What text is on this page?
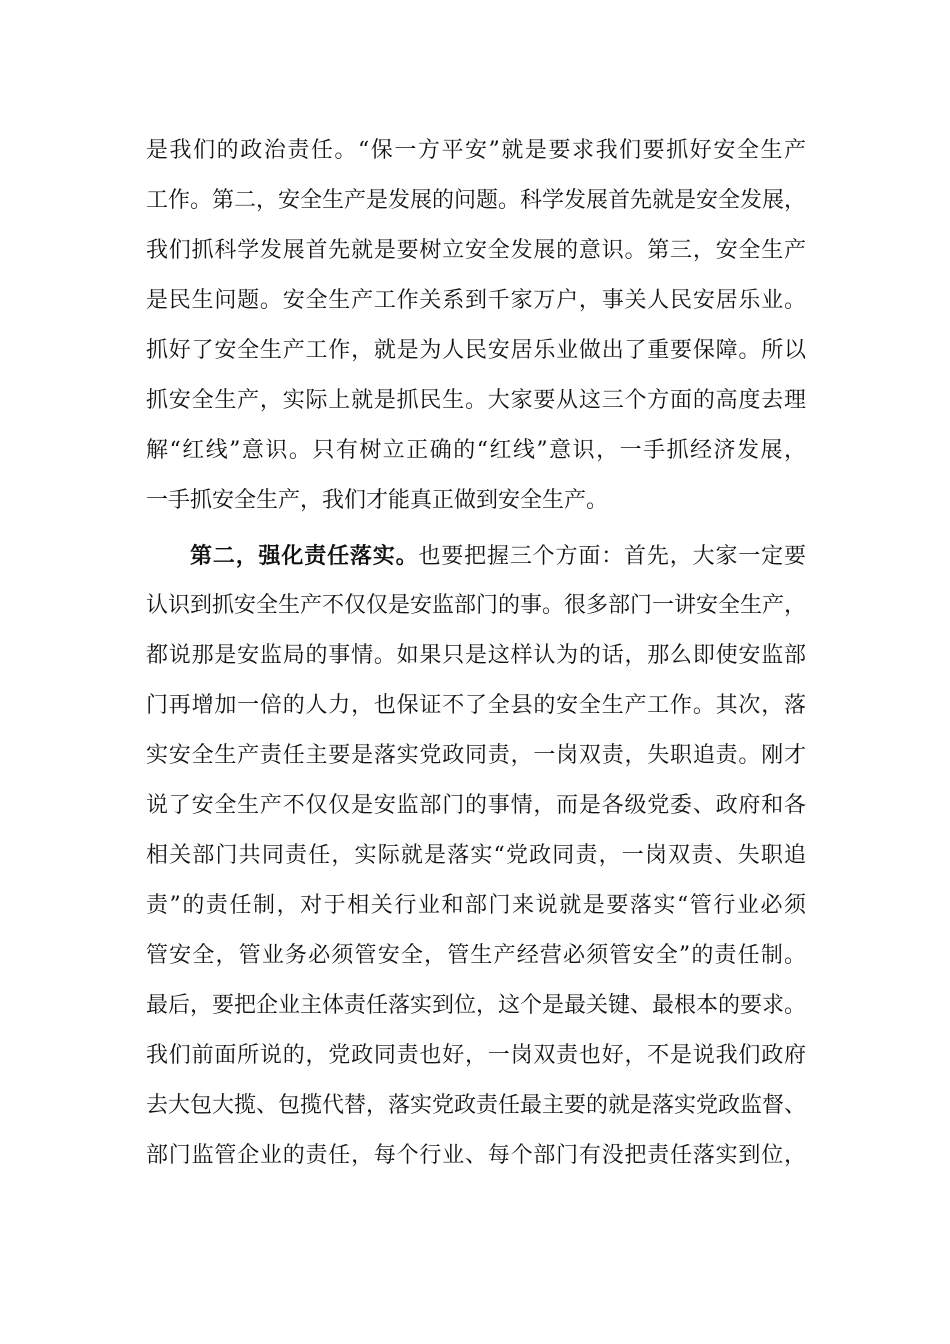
是我们的政治责任。“保一方平安”就是要求我们要抓好安全生产
工作。第二，安全生产是发展的问题。科学发展首先就是安全发展，
我们抓科学发展首先就是要树立安全发展的意识。第三，安全生产
是民生问题。安全生产工作关系到千家万户，事关人民安居乐业。
抓好了安全生产工作，就是为人民安居乐业做出了重要保障。所以
抓安全生产，实际上就是抓民生。大家要从这三个方面的高度去理
解“红线”意识。只有树立正确的“红线”意识，一手抓经济发展，
一手抓安全生产，我们才能真正做到安全生产。
第二，强化责任落实。也要把握三个方面：首先，大家一定要
认识到抓安全生产不仅仅是安监部门的事。很多部门一讲安全生产，
都说那是安监局的事情。如果只是这样认为的话，那么即使安监部
门再增加一倍的人力，也保证不了全县的安全生产工作。其次，落
实安全生产责任主要是落实党政同责，一岗双责，失职追责。刚才
说了安全生产不仅仅是安监部门的事情，而是各级党委、政府和各
相关部门共同责任，实际就是落实“党政同责，一岗双责、失职追
责”的责任制，对于相关行业和部门来说就是要落实“管行业必须
管安全，管业务必须管安全，管生产经营必须管安全”的责任制。
最后，要把企业主体责任落实到位，这个是最关键、最根本的要求。
我们前面所说的，党政同责也好，一岗双责也好，不是说我们政府
去大包大揽、包揽代替，落实党政责任最主要的就是落实党政监督、
部门监管企业的责任，每个行业、每个部门有没把责任落实到位，
